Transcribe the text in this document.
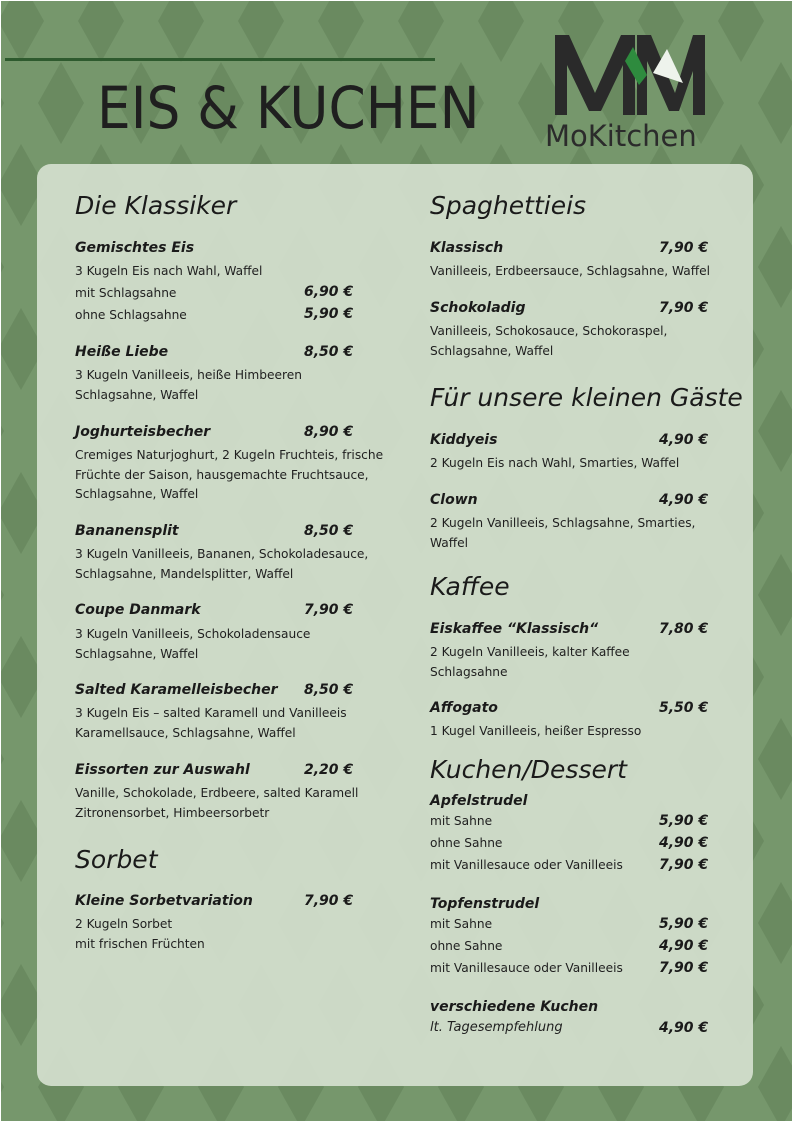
EIS & KUCHEN MoKitchen
Die Klassiker
Gemischtes Eis
3 Kugeln Eis nach Wahl, Waffel
mit Schlagsahne	6,90 €
ohne Schlagsahne	5,90 €
Heiße Liebe	8,50 €
3 Kugeln Vanilleeis, heiße Himbeeren
Schlagsahne, Waffel
Joghurteisbecher	8,90 €
Cremiges Naturjoghurt, 2 Kugeln Fruchteis, frische
Früchte der Saison, hausgemachte Fruchtsauce,
Schlagsahne, Waffel
Bananensplit	8,50 €
3 Kugeln Vanilleeis, Bananen, Schokoladesauce,
Schlagsahne, Mandelsplitter, Waffel
Coupe Danmark	7,90 €
3 Kugeln Vanilleeis, Schokoladensauce
Schlagsahne, Waffel
Salted Karamelleisbecher 8,50 €
3 Kugeln Eis – salted Karamell und Vanilleeis
Karamellsauce, Schlagsahne, Waffel
Eissorten zur Auswahl	2,20 €
Vanille, Schokolade, Erdbeere, salted Karamell
Zitronensorbet, Himbeersorbetr
Sorbet
Kleine Sorbetvariation	7,90 €
2 Kugeln Sorbet
mit frischen Früchten
Spaghettieis
Klassisch	7,90 €
Vanilleeis, Erdbeersauce, Schlagsahne, Waffel
Schokoladig	7,90 €
Vanilleeis, Schokosauce, Schokoraspel,
Schlagsahne, Waffel
Für unsere kleinen Gäste
Kiddyeis	4,90 €
2 Kugeln Eis nach Wahl, Smarties, Waffel
Clown	4,90 €
2 Kugeln Vanilleeis, Schlagsahne, Smarties,
Waffel
Kaffee
Eiskaffee “Klassisch“	7,80 €
2 Kugeln Vanilleeis, kalter Kaffee
Schlagsahne
Affogato	5,50 €
1 Kugel Vanilleeis, heißer Espresso
Kuchen/Dessert
Apfelstrudel
mit Sahne	5,90 €
ohne Sahne	4,90 €
mit Vanillesauce oder Vanilleeis	7,90 €
Topfenstrudel
mit Sahne	5,90 €
ohne Sahne	4,90 €
mit Vanillesauce oder Vanilleeis	7,90 €
verschiedene Kuchen
lt. Tagesempfehlung	4,90 €
